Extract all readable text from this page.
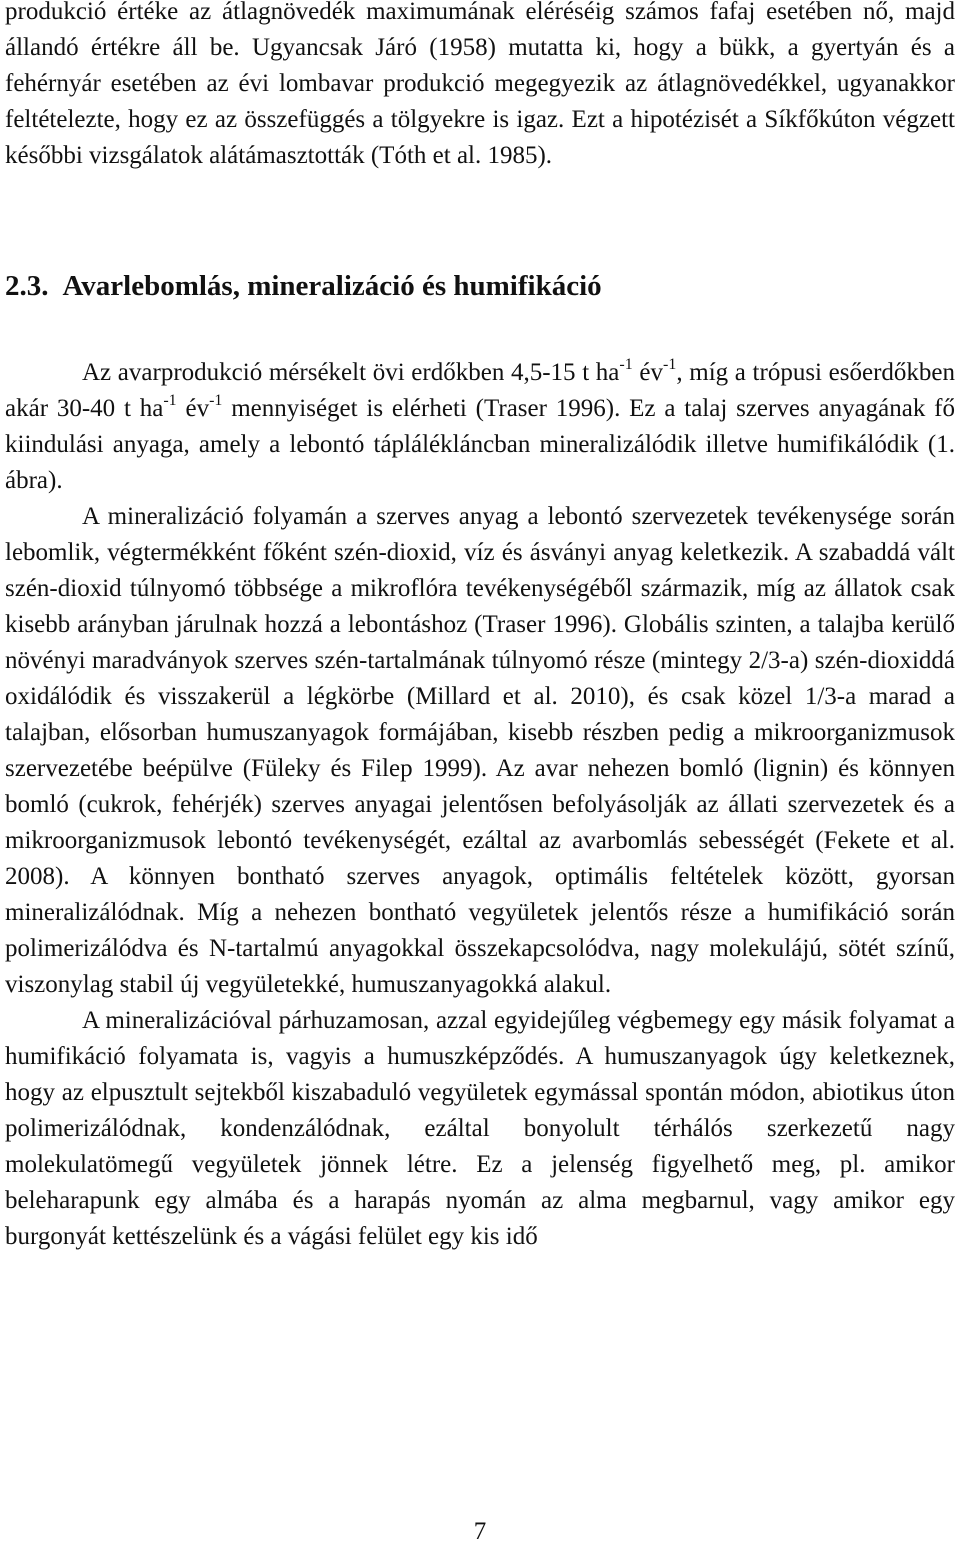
produkció értéke az átlagnövedék maximumának eléréséig számos fafaj esetében nő, majd állandó értékre áll be. Ugyancsak Járó (1958) mutatta ki, hogy a bükk, a gyertyán és a fehérnyár esetében az évi lombavar produkció megegyezik az átlagnövedékkel, ugyanakkor feltételezte, hogy ez az összefüggés a tölgyekre is igaz. Ezt a hipotézisét a Síkfőkúton végzett későbbi vizsgálatok alátámasztották (Tóth et al. 1985).

2.3. Avarlebomlás, mineralizáció és humifikáció

Az avarprodukció mérsékelt övi erdőkben 4,5-15 t $ha^{-1}$ $év^{-1}$, míg a trópusi esőerdőkben akár 30-40 t $ha^{-1}$ $év^{-1}$ mennyiséget is elérheti (Traser 1996). Ez a talaj szerves anyagának fő kiindulási anyaga, amely a lebontó táplálékláncban mineralizálódik illetve humifikálódik (1. ábra).

A mineralizáció folyamán a szerves anyag a lebontó szervezetek tevékenysége során lebomlik, végtermékként főként szén-dioxid, víz és ásványi anyag keletkezik. A szabaddá vált szén-dioxid túlnyomó többsége a mikroflóra tevékenységéből származik, míg az állatok csak kisebb arányban járulnak hozzá a lebontáshoz (Traser 1996). Globális szinten, a talajba kerülő növényi maradványok szerves szén-tartalmának túlnyomó része (mintegy 2/3-a) szén-dioxiddá oxidálódik és visszakerül a légkörbe (Millard et al. 2010), és csak közel 1/3-a marad a talajban, elősorban humuszanyagok formájában, kisebb részben pedig a mikroorganizmusok szervezetébe beépülve (Füleky és Filep 1999). Az avar nehezen bomló (lignin) és könnyen bomló (cukrok, fehérjék) szerves anyagai jelentősen befolyásolják az állati szervezetek és a mikroorganizmusok lebontó tevékenységét, ezáltal az avarbomlás sebességét (Fekete et al. 2008). A könnyen bontható szerves anyagok, optimális feltételek között, gyorsan mineralizálódnak. Míg a nehezen bontható vegyületek jelentős része a humifikáció során polimerizálódva és N-tartalmú anyagokkal összekapcsolódva, nagy molekulájú, sötét színű, viszonylag stabil új vegyületekké, humuszanyagokká alakul.

A mineralizációval párhuzamosan, azzal egyidejűleg végbemegy egy másik folyamat a humifikáció folyamata is, vagyis a humuszképződés. A humuszanyagok úgy keletkeznek, hogy az elpusztult sejtekből kiszabaduló vegyületek egymással spontán módon, abiotikus úton polimerizálódnak, kondenzálódnak, ezáltal bonyolult térhálós szerkezetű nagy molekulatömegű vegyületek jönnek létre. Ez a jelenség figyelhető meg, pl. amikor beleharapunk egy almába és a harapás nyomán az alma megbarnul, vagy amikor egy burgonyát kettészelünk és a vágási felület egy kis idő

7
